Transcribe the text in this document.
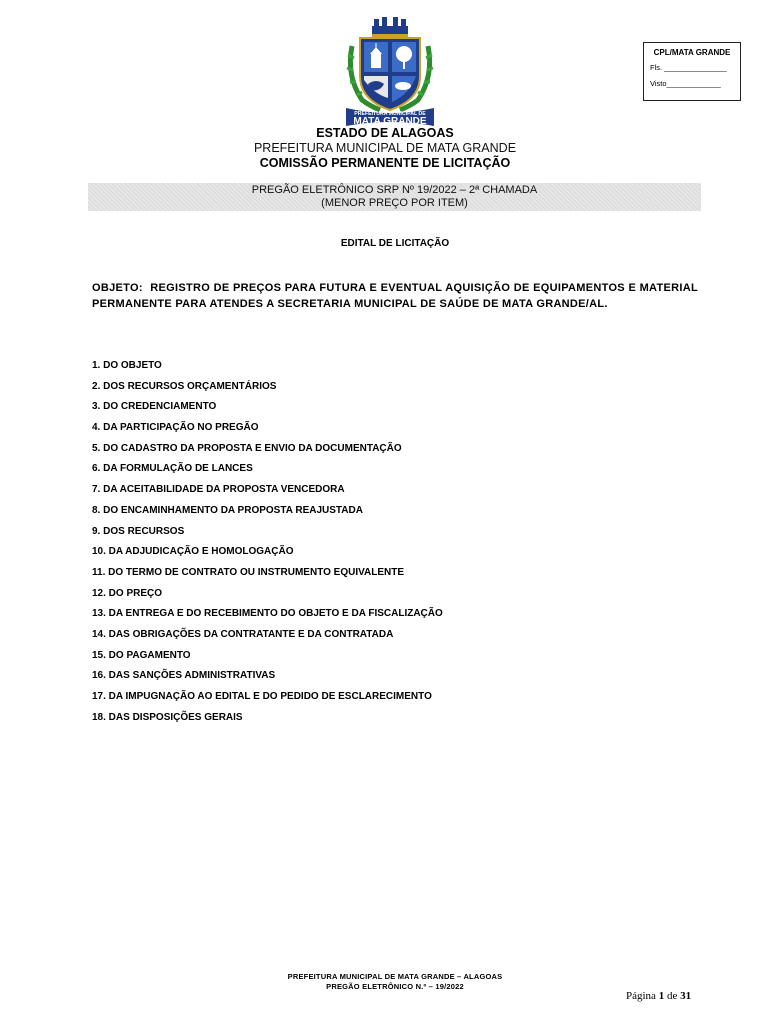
PREFEITURA MUNICIPAL DE
MATA GRANDE
CPL/MATA GRANDE
Fls. _______________
Visto_____________
ESTADO DE ALAGOAS
PREFEITURA MUNICIPAL DE MATA GRANDE
COMISSÃO PERMANENTE DE LICITAÇÃO
PREGÃO ELETRÔNICO SRP Nº 19/2022 – 2ª CHAMADA
(MENOR PREÇO POR ITEM)
EDITAL DE LICITAÇÃO
OBJETO: REGISTRO DE PREÇOS PARA FUTURA E EVENTUAL AQUISIÇÃO DE EQUIPAMENTOS E MATERIAL PERMANENTE PARA ATENDES A SECRETARIA MUNICIPAL DE SAÚDE DE MATA GRANDE/AL.
1. DO OBJETO
2. DOS RECURSOS ORÇAMENTÁRIOS
3. DO CREDENCIAMENTO
4. DA PARTICIPAÇÃO NO PREGÃO
5. DO CADASTRO DA PROPOSTA E ENVIO DA DOCUMENTAÇÃO
6. DA FORMULAÇÃO DE LANCES
7. DA ACEITABILIDADE DA PROPOSTA VENCEDORA
8. DO ENCAMINHAMENTO DA PROPOSTA REAJUSTADA
9. DOS RECURSOS
10. DA ADJUDICAÇÃO E HOMOLOGAÇÃO
11. DO TERMO DE CONTRATO OU INSTRUMENTO EQUIVALENTE
12. DO PREÇO
13. DA ENTREGA E DO RECEBIMENTO DO OBJETO E DA FISCALIZAÇÃO
14. DAS OBRIGAÇÕES DA CONTRATANTE E DA CONTRATADA
15. DO PAGAMENTO
16. DAS SANÇÕES ADMINISTRATIVAS
17. DA IMPUGNAÇÃO AO EDITAL E DO PEDIDO DE ESCLARECIMENTO
18. DAS DISPOSIÇÕES GERAIS
PREFEITURA MUNICIPAL DE MATA GRANDE – ALAGOAS
PREGÃO ELETRÔNICO N.º – 19/2022
Página 1 de 31
